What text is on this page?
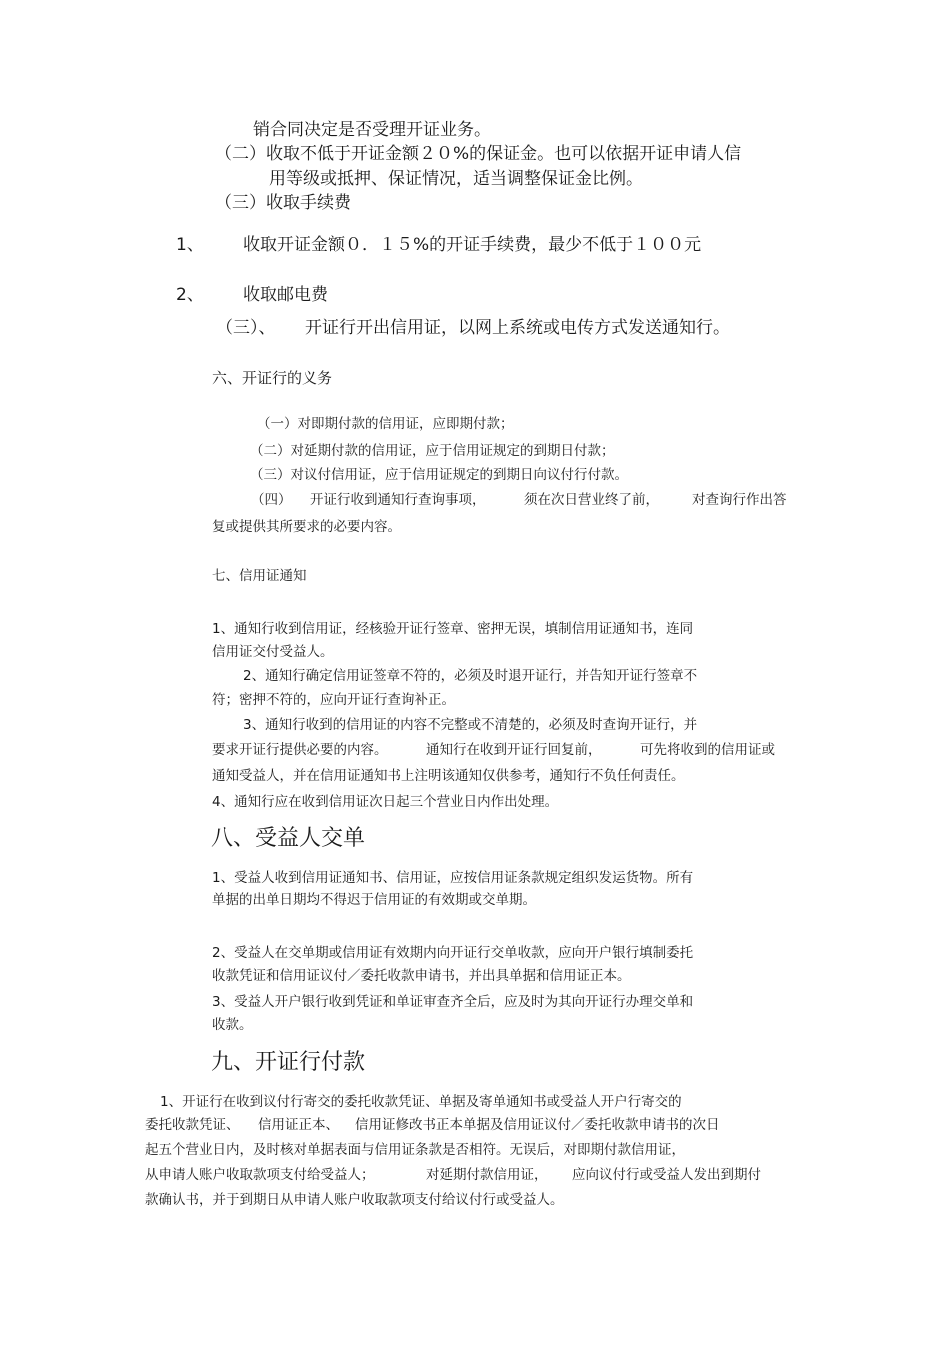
销合同决定是否受理开证业务。
（二）收取不低于开证金额２０%的保证金。也可以依据开证申请人信
用等级或抵押、保证情况，适当调整保证金比例。
（三）收取手续费
1、 收取开证金额０．１５%的开证手续费，最少不低于１００元
2、 收取邮电费
（三）、 开证行开出信用证，以网上系统或电传方式发送通知行。
六、开证行的义务
（一）对即期付款的信用证，应即期付款；
（二）对延期付款的信用证，应于信用证规定的到期日付款；
（三）对议付信用证，应于信用证规定的到期日向议付行付款。
（四） 开证行收到通知行查询事项，	须在次日营业终了前， 对查询行作出答
复或提供其所要求的必要内容。
七、信用证通知
1、通知行收到信用证，经核验开证行签章、密押无误，填制信用证通知书，连同
信用证交付受益人。
2、通知行确定信用证签章不符的，必须及时退开证行，并告知开证行签章不
符；密押不符的，应向开证行查询补正。
3、通知行收到的信用证的内容不完整或不清楚的，必须及时查询开证行，并
要求开证行提供必要的内容。	通知行在收到开证行回复前，	可先将收到的信用证或
通知受益人，并在信用证通知书上注明该通知仅供参考，通知行不负任何责任。
4、通知行应在收到信用证次日起三个营业日内作出处理。
八、受益人交单
1、受益人收到信用证通知书、信用证，应按信用证条款规定组织发运货物。所有
单据的出单日期均不得迟于信用证的有效期或交单期。
2、受益人在交单期或信用证有效期内向开证行交单收款，应向开户银行填制委托
收款凭证和信用证议付／委托收款申请书，并出具单据和信用证正本。
3、受益人开户银行收到凭证和单证审查齐全后，应及时为其向开证行办理交单和
收款。
九、开证行付款
1、开证行在收到议付行寄交的委托收款凭证、单据及寄单通知书或受益人开户行寄交的
委托收款凭证、 信用证正本、 信用证修改书正本单据及信用证议付／委托收款申请书的次日
起五个营业日内，及时核对单据表面与信用证条款是否相符。无误后，对即期付款信用证，
从申请人账户收取款项支付给受益人；	对延期付款信用证， 应向议付行或受益人发出到期付
款确认书，并于到期日从申请人账户收取款项支付给议付行或受益人。
